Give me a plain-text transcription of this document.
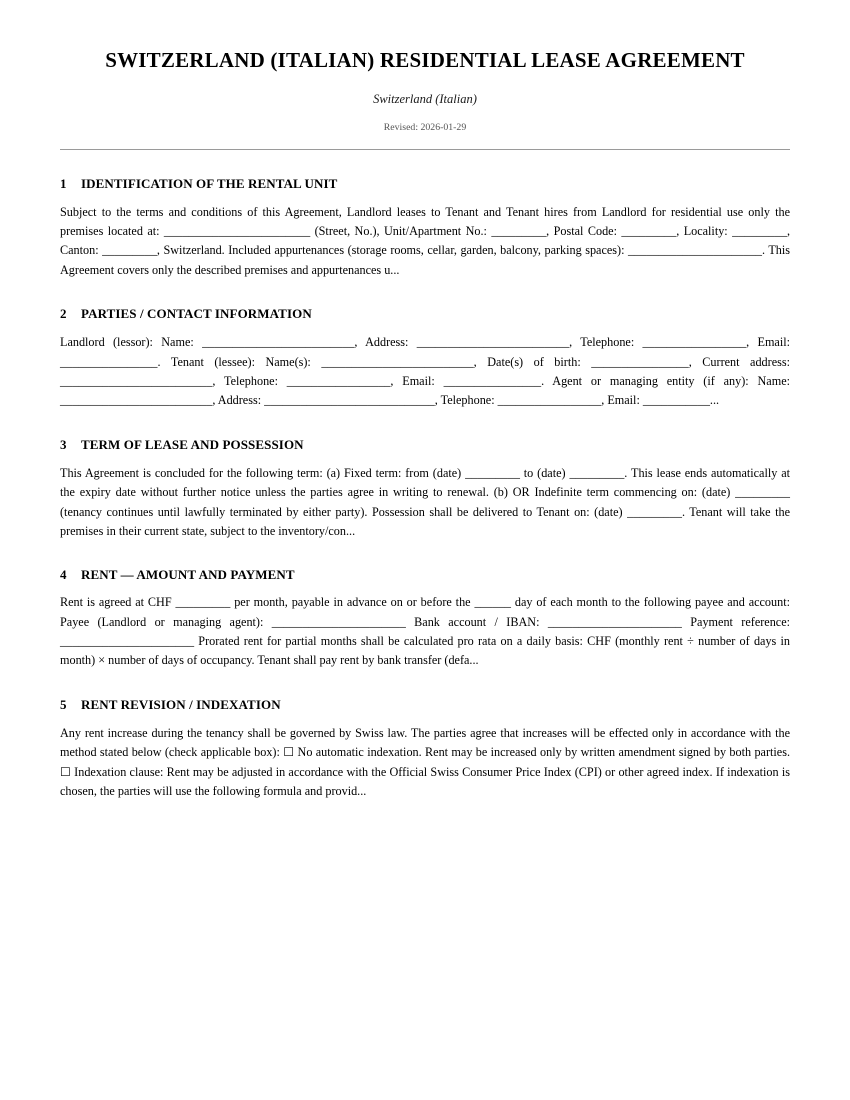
SWITZERLAND (ITALIAN) RESIDENTIAL LEASE AGREEMENT

Switzerland (Italian)

Revised: 2026-01-29

1	IDENTIFICATION OF THE RENTAL UNIT

Subject to the terms and conditions of this Agreement, Landlord leases to Tenant and Tenant hires from Landlord for residential use only the premises located at: ________________________ (Street, No.), Unit/Apartment No.: _________, Postal Code: _________, Locality: _________, Canton: _________, Switzerland. Included appurtenances (storage rooms, cellar, garden, balcony, parking spaces): ______________________. This Agreement covers only the described premises and appurtenances u...

2	PARTIES / CONTACT INFORMATION

Landlord (lessor): Name: _________________________, Address: _________________________, Telephone: _________________, Email: ________________. Tenant (lessee): Name(s): _________________________, Date(s) of birth: ________________, Current address: _________________________, Telephone: _________________, Email: ________________. Agent or managing entity (if any): Name: _________________________, Address: ____________________________, Telephone: _________________, Email: ___________...

3	TERM OF LEASE AND POSSESSION

This Agreement is concluded for the following term: (a) Fixed term: from (date) _________ to (date) _________. This lease ends automatically at the expiry date without further notice unless the parties agree in writing to renewal. (b) OR Indefinite term commencing on: (date) _________ (tenancy continues until lawfully terminated by either party). Possession shall be delivered to Tenant on: (date) _________. Tenant will take the premises in their current state, subject to the inventory/con...

4	RENT — AMOUNT AND PAYMENT

Rent is agreed at CHF _________ per month, payable in advance on or before the ______ day of each month to the following payee and account: Payee (Landlord or managing agent): ______________________ Bank account / IBAN: ______________________ Payment reference: ______________________ Prorated rent for partial months shall be calculated pro rata on a daily basis: CHF (monthly rent ÷ number of days in month) × number of days of occupancy. Tenant shall pay rent by bank transfer (defa...

5	RENT REVISION / INDEXATION

Any rent increase during the tenancy shall be governed by Swiss law. The parties agree that increases will be effected only in accordance with the method stated below (check applicable box): ☐ No automatic indexation. Rent may be increased only by written amendment signed by both parties. ☐ Indexation clause: Rent may be adjusted in accordance with the Official Swiss Consumer Price Index (CPI) or other agreed index. If indexation is chosen, the parties will use the following formula and provid...
